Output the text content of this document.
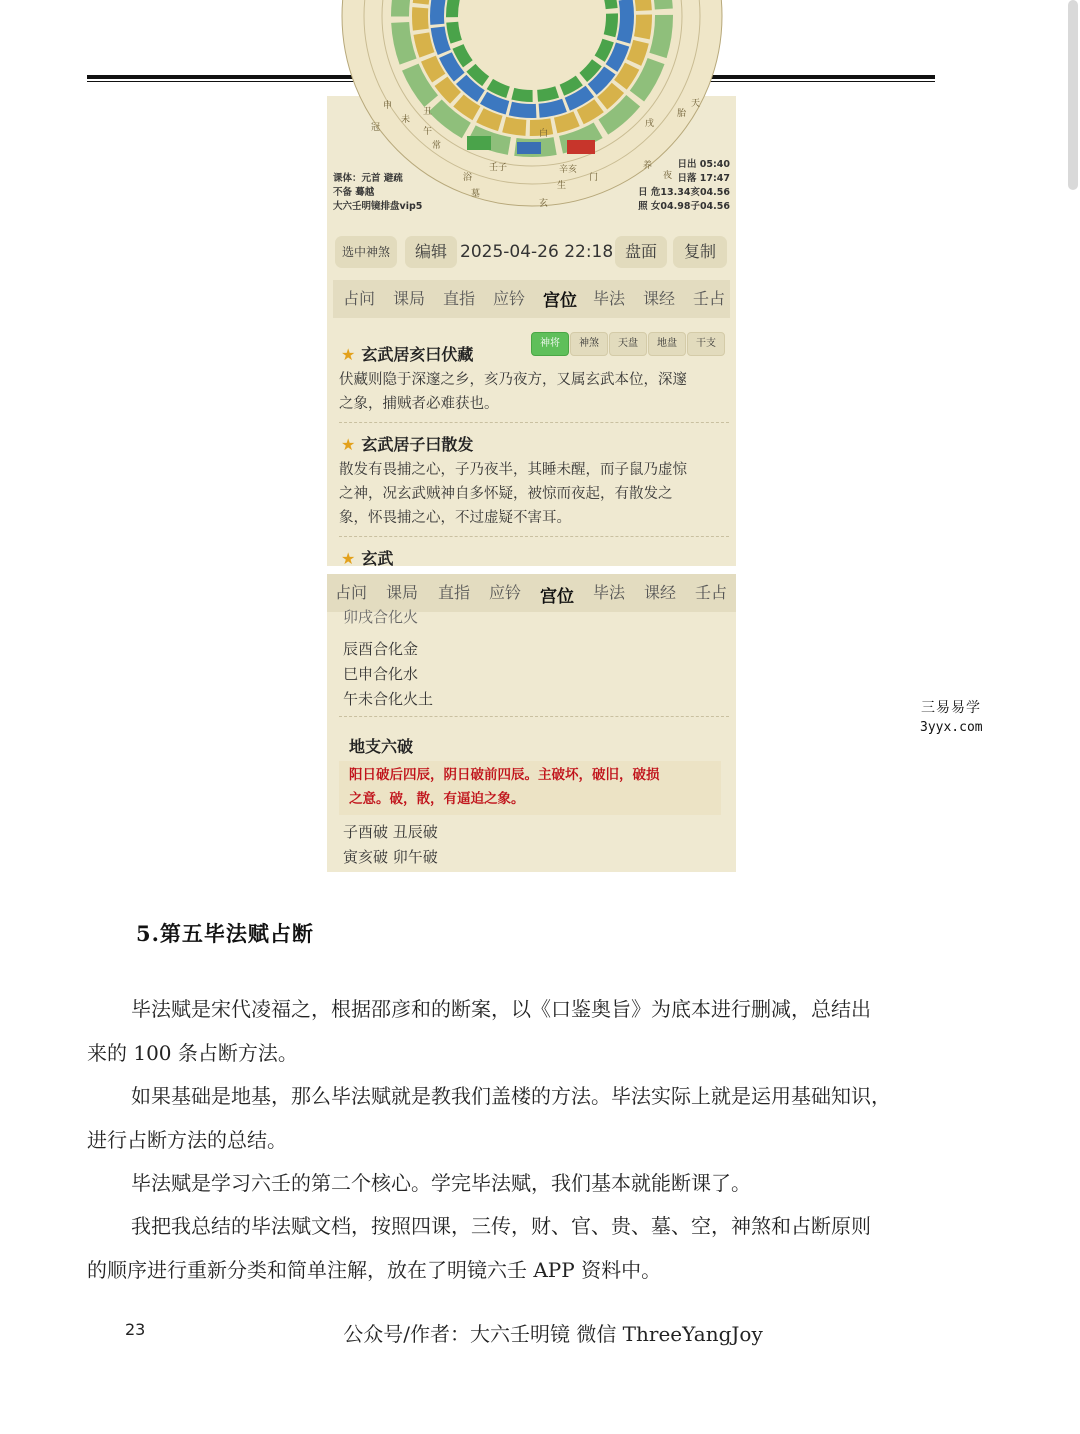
午
未
申
丑
常
冠
浴
墓
生
养
壬子	辛亥
夜
门
白
玄
戌
胎
天
课体：元首 避疏
不备 蓦越
大六壬明镜排盘vip5
日出 05:40
日落 17:47
日 危13.34亥04.56
照 女04.98子04.56
选中神煞	编辑 2025-04-26 22:18 盘面	复制
占问 课局 直指 应钤 宫位 毕法 课经 壬占
神将	神煞	天盘	地盘	干支
★ 玄武居亥曰伏藏
伏藏则隐于深邃之乡，亥乃夜方，又属玄武本位，深邃
之象，捕贼者必难获也。
★ 玄武居子曰散发
散发有畏捕之心，子乃夜半，其睡未醒，而子鼠乃虚惊
之神，况玄武贼神自多怀疑，被惊而夜起，有散发之
象，怀畏捕之心，不过虚疑不害耳。
★ 玄武
占问 课局 直指 应钤 宫位 毕法 课经 壬占
卯戌合化火
辰酉合化金
巳申合化水
午未合化火土
地支六破
阳日破后四辰，阴日破前四辰。主破坏，破旧，破损
之意。破，散，有逼迫之象。
子酉破 丑辰破
寅亥破 卯午破
三易易学
3yyx.com
5.第五毕法赋占断
毕法赋是宋代凌福之，根据邵彦和的断案，以《口鉴奥旨》为底本进行删减，总结出
来的 100 条占断方法。
如果基础是地基，那么毕法赋就是教我们盖楼的方法。毕法实际上就是运用基础知识，
进行占断方法的总结。
毕法赋是学习六壬的第二个核心。学完毕法赋，我们基本就能断课了。
我把我总结的毕法赋文档，按照四课，三传，财、官、贵、墓、空，神煞和占断原则
的顺序进行重新分类和简单注解，放在了明镜六壬 APP 资料中。
23	公众号/作者：大六壬明镜 微信 ThreeYangJoy
